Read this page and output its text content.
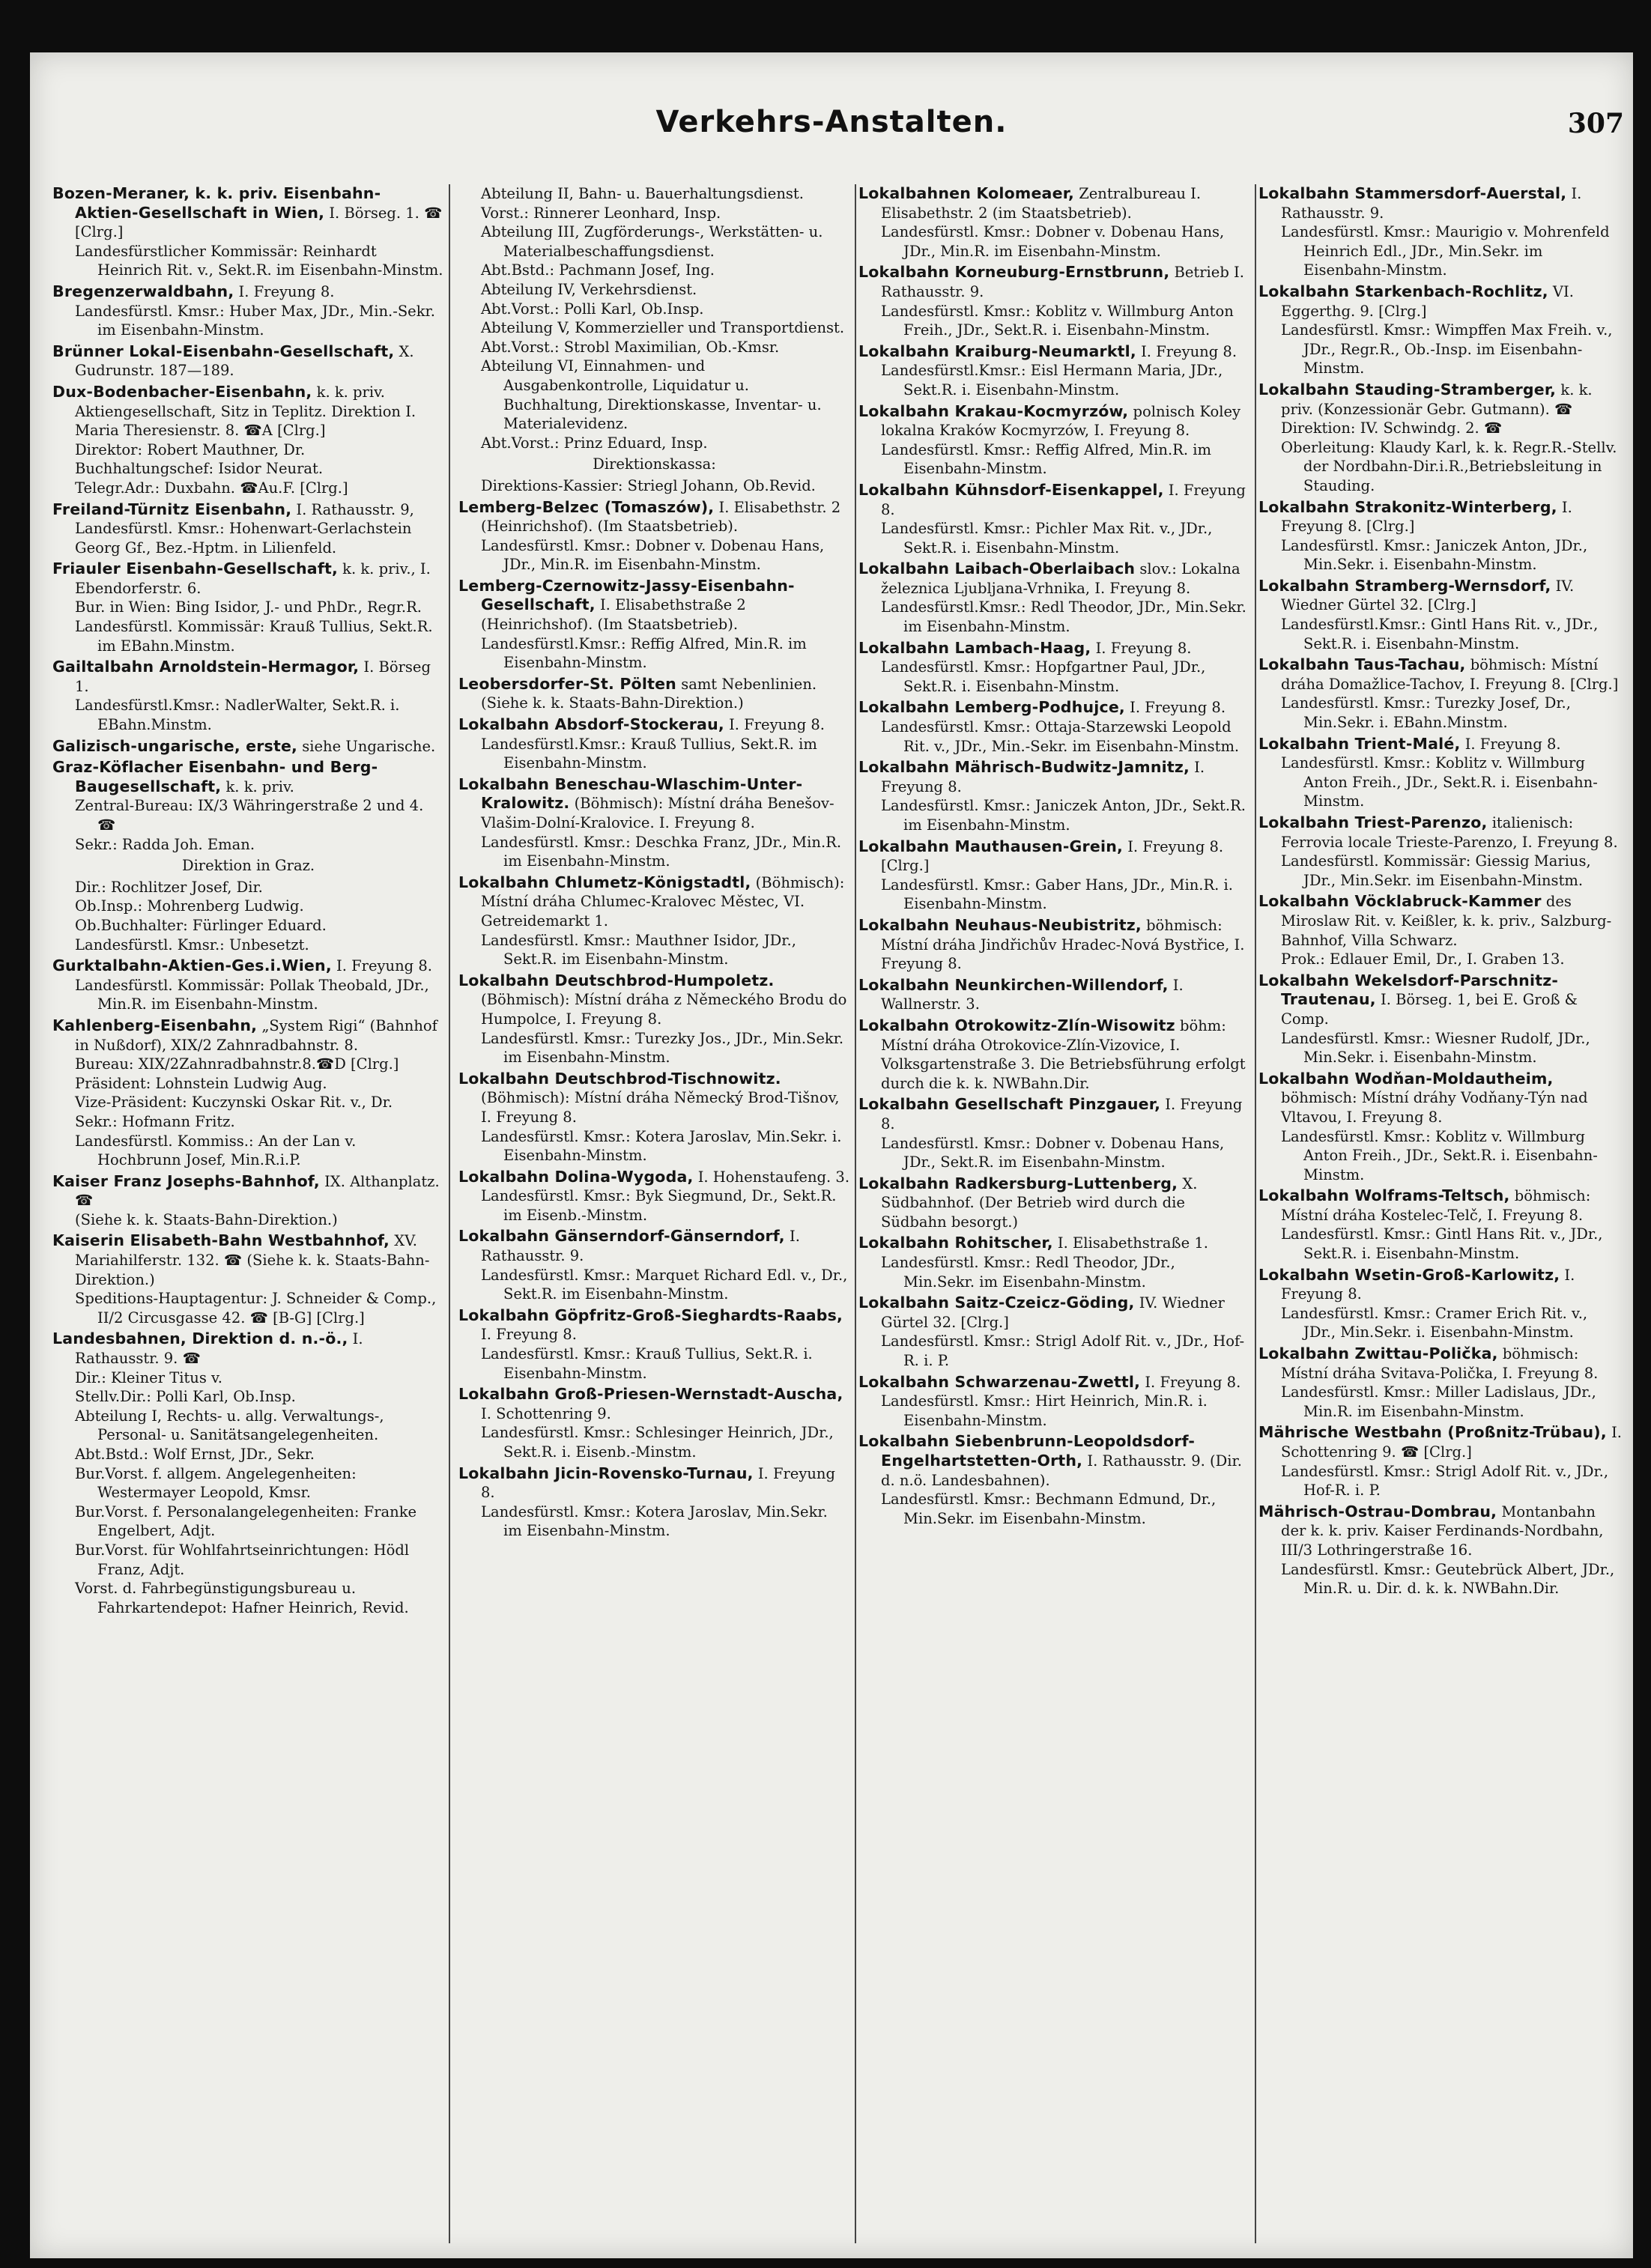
Verkehrs-Anstalten.	307
Bozen-Meraner, k. k. priv. Eisenbahn-Aktien-Gesellschaft in Wien, I. Börseg. 1. ☎ [Clrg.]
Landesfürstlicher Kommissär: Reinhardt Heinrich Rit. v., Sekt.R. im Eisenbahn-Minstm.
Bregenzerwaldbahn, I. Freyung 8.
Landesfürstl. Kmsr.: Huber Max, JDr., Min.-Sekr. im Eisenbahn-Minstm.
Brünner Lokal-Eisenbahn-Gesellschaft, X. Gudrunstr. 187—189.
Dux-Bodenbacher-Eisenbahn, k. k. priv. Aktiengesellschaft, Sitz in Teplitz. Direktion I. Maria Theresienstr. 8. ☎A [Clrg.]
Direktor: Robert Mauthner, Dr.
Buchhaltungschef: Isidor Neurat.
Telegr.Adr.: Duxbahn. ☎Au.F. [Clrg.]
Freiland-Türnitz Eisenbahn, I. Rathausstr. 9, Landesfürstl. Kmsr.: Hohenwart-Gerlachstein Georg Gf., Bez.-Hptm. in Lilienfeld.
Friauler Eisenbahn-Gesellschaft, k. k. priv., I. Ebendorferstr. 6.
Bur. in Wien: Bing Isidor, J.- und PhDr., Regr.R.
Landesfürstl. Kommissär: Krauß Tullius, Sekt.R. im EBahn.Minstm.
Gailtalbahn Arnoldstein-Hermagor, I. Börseg 1.
Landesfürstl.Kmsr.: NadlerWalter, Sekt.R. i. EBahn.Minstm.
Galizisch-ungarische, erste, siehe Ungarische.
Graz-Köflacher Eisenbahn- und Berg-Baugesellschaft, k. k. priv.
Zentral-Bureau: IX/3 Währingerstraße 2 und 4. ☎
Sekr.: Radda Joh. Eman.
Direktion in Graz.
Dir.: Rochlitzer Josef, Dir.
Ob.Insp.: Mohrenberg Ludwig.
Ob.Buchhalter: Fürlinger Eduard.
Landesfürstl. Kmsr.: Unbesetzt.
Gurktalbahn-Aktien-Ges.i.Wien, I. Freyung 8.
Landesfürstl. Kommissär: Pollak Theobald, JDr., Min.R. im Eisenbahn-Minstm.
Kahlenberg-Eisenbahn, „System Rigi“ (Bahnhof in Nußdorf), XIX/2 Zahnradbahnstr. 8.
Bureau: XIX/2Zahnradbahnstr.8.☎D [Clrg.]
Präsident: Lohnstein Ludwig Aug.
Vize-Präsident: Kuczynski Oskar Rit. v., Dr.
Sekr.: Hofmann Fritz.
Landesfürstl. Kommiss.: An der Lan v. Hochbrunn Josef, Min.R.i.P.
Kaiser Franz Josephs-Bahnhof, IX. Althanplatz. ☎
(Siehe k. k. Staats-Bahn-Direktion.)
Kaiserin Elisabeth-Bahn Westbahnhof, XV. Mariahilferstr. 132. ☎ (Siehe k. k. Staats-Bahn-Direktion.)
Speditions-Hauptagentur: J. Schneider & Comp., II/2 Circusgasse 42. ☎ [B-G] [Clrg.]
Landesbahnen, Direktion d. n.-ö., I. Rathausstr. 9. ☎
Dir.: Kleiner Titus v.
Stellv.Dir.: Polli Karl, Ob.Insp.
Abteilung I, Rechts- u. allg. Verwaltungs-, Personal- u. Sanitätsangelegenheiten.
Abt.Bstd.: Wolf Ernst, JDr., Sekr.
Bur.Vorst. f. allgem. Angelegenheiten: Westermayer Leopold, Kmsr.
Bur.Vorst. f. Personalangelegenheiten: Franke Engelbert, Adjt.
Bur.Vorst. für Wohlfahrtseinrichtungen: Hödl Franz, Adjt.
Vorst. d. Fahrbegünstigungsbureau u. Fahrkartendepot: Hafner Heinrich, Revid.
Abteilung II, Bahn- u. Bauerhaltungsdienst.
Vorst.: Rinnerer Leonhard, Insp.
Abteilung III, Zugförderungs-, Werkstätten- u. Materialbeschaffungsdienst.
Abt.Bstd.: Pachmann Josef, Ing.
Abteilung IV, Verkehrsdienst.
Abt.Vorst.: Polli Karl, Ob.Insp.
Abteilung V, Kommerzieller und Transportdienst.
Abt.Vorst.: Strobl Maximilian, Ob.-Kmsr.
Abteilung VI, Einnahmen- und Ausgabenkontrolle, Liquidatur u. Buchhaltung, Direktionskasse, Inventar- u. Materialevidenz.
Abt.Vorst.: Prinz Eduard, Insp.
Direktionskassa:
Direktions-Kassier: Striegl Johann, Ob.Revid.
Lemberg-Belzec (Tomaszów), I. Elisabethstr. 2 (Heinrichshof). (Im Staatsbetrieb).
Landesfürstl. Kmsr.: Dobner v. Dobenau Hans, JDr., Min.R. im Eisenbahn-Minstm.
Lemberg-Czernowitz-Jassy-Eisenbahn-Gesellschaft, I. Elisabethstraße 2 (Heinrichshof). (Im Staatsbetrieb).
Landesfürstl.Kmsr.: Reffig Alfred, Min.R. im Eisenbahn-Minstm.
Leobersdorfer-St. Pölten samt Nebenlinien. (Siehe k. k. Staats-Bahn-Direktion.)
Lokalbahn Absdorf-Stockerau, I. Freyung 8.
Landesfürstl.Kmsr.: Krauß Tullius, Sekt.R. im Eisenbahn-Minstm.
Lokalbahn Beneschau-Wlaschim-Unter-Kralowitz. (Böhmisch): Místní dráha Benešov-Vlašim-Dolní-Kralovice. I. Freyung 8.
Landesfürstl. Kmsr.: Deschka Franz, JDr., Min.R. im Eisenbahn-Minstm.
Lokalbahn Chlumetz-Königstadtl, (Böhmisch): Místní dráha Chlumec-Kralovec Městec, VI. Getreidemarkt 1.
Landesfürstl. Kmsr.: Mauthner Isidor, JDr., Sekt.R. im Eisenbahn-Minstm.
Lokalbahn Deutschbrod-Humpoletz. (Böhmisch): Místní dráha z Německého Brodu do Humpolce, I. Freyung 8.
Landesfürstl. Kmsr.: Turezky Jos., JDr., Min.Sekr. im Eisenbahn-Minstm.
Lokalbahn Deutschbrod-Tischnowitz. (Böhmisch): Místní dráha Německý Brod-Tišnov, I. Freyung 8.
Landesfürstl. Kmsr.: Kotera Jaroslav, Min.Sekr. i. Eisenbahn-Minstm.
Lokalbahn Dolina-Wygoda, I. Hohenstaufeng. 3.
Landesfürstl. Kmsr.: Byk Siegmund, Dr., Sekt.R. im Eisenb.-Minstm.
Lokalbahn Gänserndorf-Gänserndorf, I. Rathausstr. 9.
Landesfürstl. Kmsr.: Marquet Richard Edl. v., Dr., Sekt.R. im Eisenbahn-Minstm.
Lokalbahn Göpfritz-Groß-Sieghardts-Raabs, I. Freyung 8.
Landesfürstl. Kmsr.: Krauß Tullius, Sekt.R. i. Eisenbahn-Minstm.
Lokalbahn Groß-Priesen-Wernstadt-Auscha, I. Schottenring 9.
Landesfürstl. Kmsr.: Schlesinger Heinrich, JDr., Sekt.R. i. Eisenb.-Minstm.
Lokalbahn Jicin-Rovensko-Turnau, I. Freyung 8.
Landesfürstl. Kmsr.: Kotera Jaroslav, Min.Sekr. im Eisenbahn-Minstm.
Lokalbahnen Kolomeaer, Zentralbureau I. Elisabethstr. 2 (im Staatsbetrieb).
Landesfürstl. Kmsr.: Dobner v. Dobenau Hans, JDr., Min.R. im Eisenbahn-Minstm.
Lokalbahn Korneuburg-Ernstbrunn, Betrieb I. Rathausstr. 9.
Landesfürstl. Kmsr.: Koblitz v. Willmburg Anton Freih., JDr., Sekt.R. i. Eisenbahn-Minstm.
Lokalbahn Kraiburg-Neumarktl, I. Freyung 8.
Landesfürstl.Kmsr.: Eisl Hermann Maria, JDr., Sekt.R. i. Eisenbahn-Minstm.
Lokalbahn Krakau-Kocmyrzów, polnisch Koley lokalna Kraków Kocmyrzów, I. Freyung 8.
Landesfürstl. Kmsr.: Reffig Alfred, Min.R. im Eisenbahn-Minstm.
Lokalbahn Kühnsdorf-Eisenkappel, I. Freyung 8.
Landesfürstl. Kmsr.: Pichler Max Rit. v., JDr., Sekt.R. i. Eisenbahn-Minstm.
Lokalbahn Laibach-Oberlaibach slov.: Lokalna železnica Ljubljana-Vrhnika, I. Freyung 8.
Landesfürstl.Kmsr.: Redl Theodor, JDr., Min.Sekr. im Eisenbahn-Minstm.
Lokalbahn Lambach-Haag, I. Freyung 8.
Landesfürstl. Kmsr.: Hopfgartner Paul, JDr., Sekt.R. i. Eisenbahn-Minstm.
Lokalbahn Lemberg-Podhujce, I. Freyung 8.
Landesfürstl. Kmsr.: Ottaja-Starzewski Leopold Rit. v., JDr., Min.-Sekr. im Eisenbahn-Minstm.
Lokalbahn Mährisch-Budwitz-Jamnitz, I. Freyung 8.
Landesfürstl. Kmsr.: Janiczek Anton, JDr., Sekt.R. im Eisenbahn-Minstm.
Lokalbahn Mauthausen-Grein, I. Freyung 8. [Clrg.]
Landesfürstl. Kmsr.: Gaber Hans, JDr., Min.R. i. Eisenbahn-Minstm.
Lokalbahn Neuhaus-Neubistritz, böhmisch: Místní dráha Jindřichův Hradec-Nová Bystřice, I. Freyung 8.
Lokalbahn Neunkirchen-Willendorf, I. Wallnerstr. 3.
Lokalbahn Otrokowitz-Zlín-Wisowitz böhm: Místní dráha Otrokovice-Zlín-Vizovice, I. Volksgartenstraße 3. Die Betriebsführung erfolgt durch die k. k. NWBahn.Dir.
Lokalbahn Gesellschaft Pinzgauer, I. Freyung 8.
Landesfürstl. Kmsr.: Dobner v. Dobenau Hans, JDr., Sekt.R. im Eisenbahn-Minstm.
Lokalbahn Radkersburg-Luttenberg, X. Südbahnhof. (Der Betrieb wird durch die Südbahn besorgt.)
Lokalbahn Rohitscher, I. Elisabethstraße 1.
Landesfürstl. Kmsr.: Redl Theodor, JDr., Min.Sekr. im Eisenbahn-Minstm.
Lokalbahn Saitz-Czeicz-Göding, IV. Wiedner Gürtel 32. [Clrg.]
Landesfürstl. Kmsr.: Strigl Adolf Rit. v., JDr., Hof-R. i. P.
Lokalbahn Schwarzenau-Zwettl, I. Freyung 8.
Landesfürstl. Kmsr.: Hirt Heinrich, Min.R. i. Eisenbahn-Minstm.
Lokalbahn Siebenbrunn-Leopoldsdorf-Engelhartstetten-Orth, I. Rathausstr. 9. (Dir. d. n.ö. Landesbahnen).
Landesfürstl. Kmsr.: Bechmann Edmund, Dr., Min.Sekr. im Eisenbahn-Minstm.
Lokalbahn Stammersdorf-Auerstal, I. Rathausstr. 9.
Landesfürstl. Kmsr.: Maurigio v. Mohrenfeld Heinrich Edl., JDr., Min.Sekr. im Eisenbahn-Minstm.
Lokalbahn Starkenbach-Rochlitz, VI. Eggerthg. 9. [Clrg.]
Landesfürstl. Kmsr.: Wimpffen Max Freih. v., JDr., Regr.R., Ob.-Insp. im Eisenbahn-Minstm.
Lokalbahn Stauding-Stramberger, k. k. priv. (Konzessionär Gebr. Gutmann). ☎
Direktion: IV. Schwindg. 2. ☎
Oberleitung: Klaudy Karl, k. k. Regr.R.-Stellv. der Nordbahn-Dir.i.R.,Betriebsleitung in Stauding.
Lokalbahn Strakonitz-Winterberg, I. Freyung 8. [Clrg.]
Landesfürstl. Kmsr.: Janiczek Anton, JDr., Min.Sekr. i. Eisenbahn-Minstm.
Lokalbahn Stramberg-Wernsdorf, IV. Wiedner Gürtel 32. [Clrg.]
Landesfürstl.Kmsr.: Gintl Hans Rit. v., JDr., Sekt.R. i. Eisenbahn-Minstm.
Lokalbahn Taus-Tachau, böhmisch: Místní dráha Domažlice-Tachov, I. Freyung 8. [Clrg.]
Landesfürstl. Kmsr.: Turezky Josef, Dr., Min.Sekr. i. EBahn.Minstm.
Lokalbahn Trient-Malé, I. Freyung 8.
Landesfürstl. Kmsr.: Koblitz v. Willmburg Anton Freih., JDr., Sekt.R. i. Eisenbahn-Minstm.
Lokalbahn Triest-Parenzo, italienisch: Ferrovia locale Trieste-Parenzo, I. Freyung 8.
Landesfürstl. Kommissär: Giessig Marius, JDr., Min.Sekr. im Eisenbahn-Minstm.
Lokalbahn Vöcklabruck-Kammer des Miroslaw Rit. v. Keißler, k. k. priv., Salzburg-Bahnhof, Villa Schwarz.
Prok.: Edlauer Emil, Dr., I. Graben 13.
Lokalbahn Wekelsdorf-Parschnitz-Trautenau, I. Börseg. 1, bei E. Groß & Comp.
Landesfürstl. Kmsr.: Wiesner Rudolf, JDr., Min.Sekr. i. Eisenbahn-Minstm.
Lokalbahn Wodňan-Moldautheim, böhmisch: Místní dráhy Vodňany-Týn nad Vltavou, I. Freyung 8.
Landesfürstl. Kmsr.: Koblitz v. Willmburg Anton Freih., JDr., Sekt.R. i. Eisenbahn-Minstm.
Lokalbahn Wolframs-Teltsch, böhmisch: Místní dráha Kostelec-Telč, I. Freyung 8.
Landesfürstl. Kmsr.: Gintl Hans Rit. v., JDr., Sekt.R. i. Eisenbahn-Minstm.
Lokalbahn Wsetin-Groß-Karlowitz, I. Freyung 8.
Landesfürstl. Kmsr.: Cramer Erich Rit. v., JDr., Min.Sekr. i. Eisenbahn-Minstm.
Lokalbahn Zwittau-Polička, böhmisch: Místní dráha Svitava-Polička, I. Freyung 8.
Landesfürstl. Kmsr.: Miller Ladislaus, JDr., Min.R. im Eisenbahn-Minstm.
Mährische Westbahn (Proßnitz-Trübau), I. Schottenring 9. ☎ [Clrg.]
Landesfürstl. Kmsr.: Strigl Adolf Rit. v., JDr., Hof-R. i. P.
Mährisch-Ostrau-Dombrau, Montanbahn der k. k. priv. Kaiser Ferdinands-Nordbahn, III/3 Lothringerstraße 16.
Landesfürstl. Kmsr.: Geutebrück Albert, JDr., Min.R. u. Dir. d. k. k. NWBahn.Dir.
